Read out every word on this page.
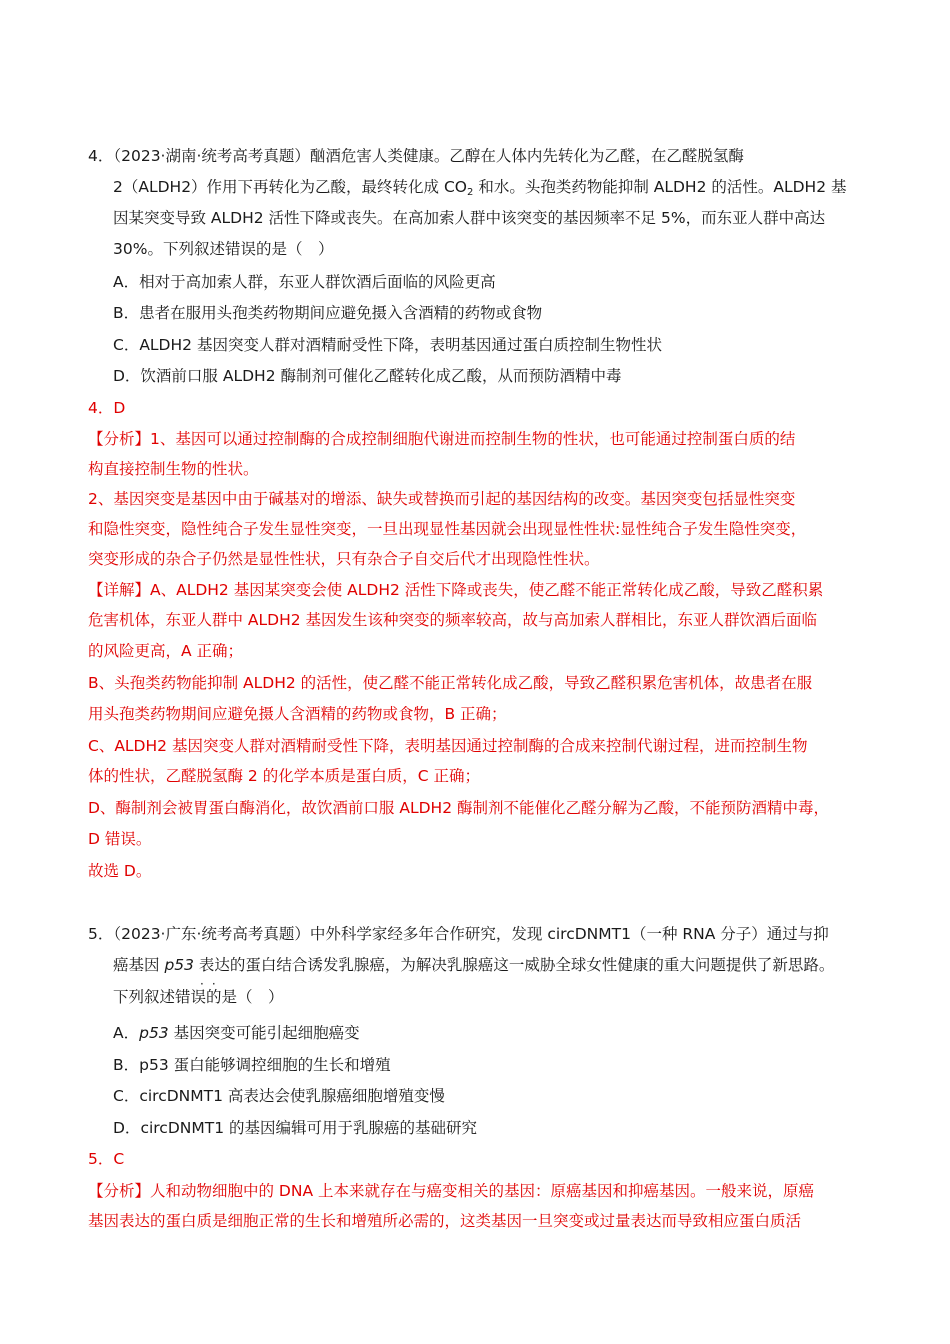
4．（2023·湖南·统考高考真题）酗酒危害人类健康。乙醇在人体内先转化为乙醛，在乙醛脱氢酶
2（ALDH2）作用下再转化为乙酸，最终转化成 $CO_2$ 和水。头孢类药物能抑制 ALDH2 的活性。ALDH2 基
因某突变导致 ALDH2 活性下降或丧失。在高加索人群中该突变的基因频率不足 5%，而东亚人群中高达
30%。下列叙述错误的是（　）
A．相对于高加索人群，东亚人群饮酒后面临的风险更高
B．患者在服用头孢类药物期间应避免摄入含酒精的药物或食物
C．ALDH2 基因突变人群对酒精耐受性下降，表明基因通过蛋白质控制生物性状
D．饮酒前口服 ALDH2 酶制剂可催化乙醛转化成乙酸，从而预防酒精中毒
4．D
【分析】1、基因可以通过控制酶的合成控制细胞代谢进而控制生物的性状，也可能通过控制蛋白质的结
构直接控制生物的性状。
2、基因突变是基因中由于碱基对的增添、缺失或替换而引起的基因结构的改变。基因突变包括显性突变
和隐性突变，隐性纯合子发生显性突变，一旦出现显性基因就会出现显性性状:显性纯合子发生隐性突变，
突变形成的杂合子仍然是显性性状，只有杂合子自交后代才出现隐性性状。
【详解】A、ALDH2 基因某突变会使 ALDH2 活性下降或丧失，使乙醛不能正常转化成乙酸，导致乙醛积累
危害机体，东亚人群中 ALDH2 基因发生该种突变的频率较高，故与高加索人群相比，东亚人群饮酒后面临
的风险更高，A 正确；
B、头孢类药物能抑制 ALDH2 的活性，使乙醛不能正常转化成乙酸，导致乙醛积累危害机体，故患者在服
用头孢类药物期间应避免摄人含酒精的药物或食物，B 正确；
C、ALDH2 基因突变人群对酒精耐受性下降，表明基因通过控制酶的合成来控制代谢过程，进而控制生物
体的性状，乙醛脱氢酶 2 的化学本质是蛋白质，C 正确；
D、酶制剂会被胃蛋白酶消化，故饮酒前口服 ALDH2 酶制剂不能催化乙醛分解为乙酸，不能预防酒精中毒，
D 错误。
故选 D。
5．（2023·广东·统考高考真题）中外科学家经多年合作研究，发现 circDNMT1（一种 RNA 分子）通过与抑
癌基因 p53 表达的蛋白结合诱发乳腺癌，为解决乳腺癌这一威胁全球女性健康的重大问题提供了新思路。
··
下列叙述错误的是（　）
A．p53 基因突变可能引起细胞癌变
B．p53 蛋白能够调控细胞的生长和增殖
C．circDNMT1 高表达会使乳腺癌细胞增殖变慢
D．circDNMT1 的基因编辑可用于乳腺癌的基础研究
5．C
【分析】人和动物细胞中的 DNA 上本来就存在与癌变相关的基因：原癌基因和抑癌基因。一般来说，原癌
基因表达的蛋白质是细胞正常的生长和增殖所必需的，这类基因一旦突变或过量表达而导致相应蛋白质活
